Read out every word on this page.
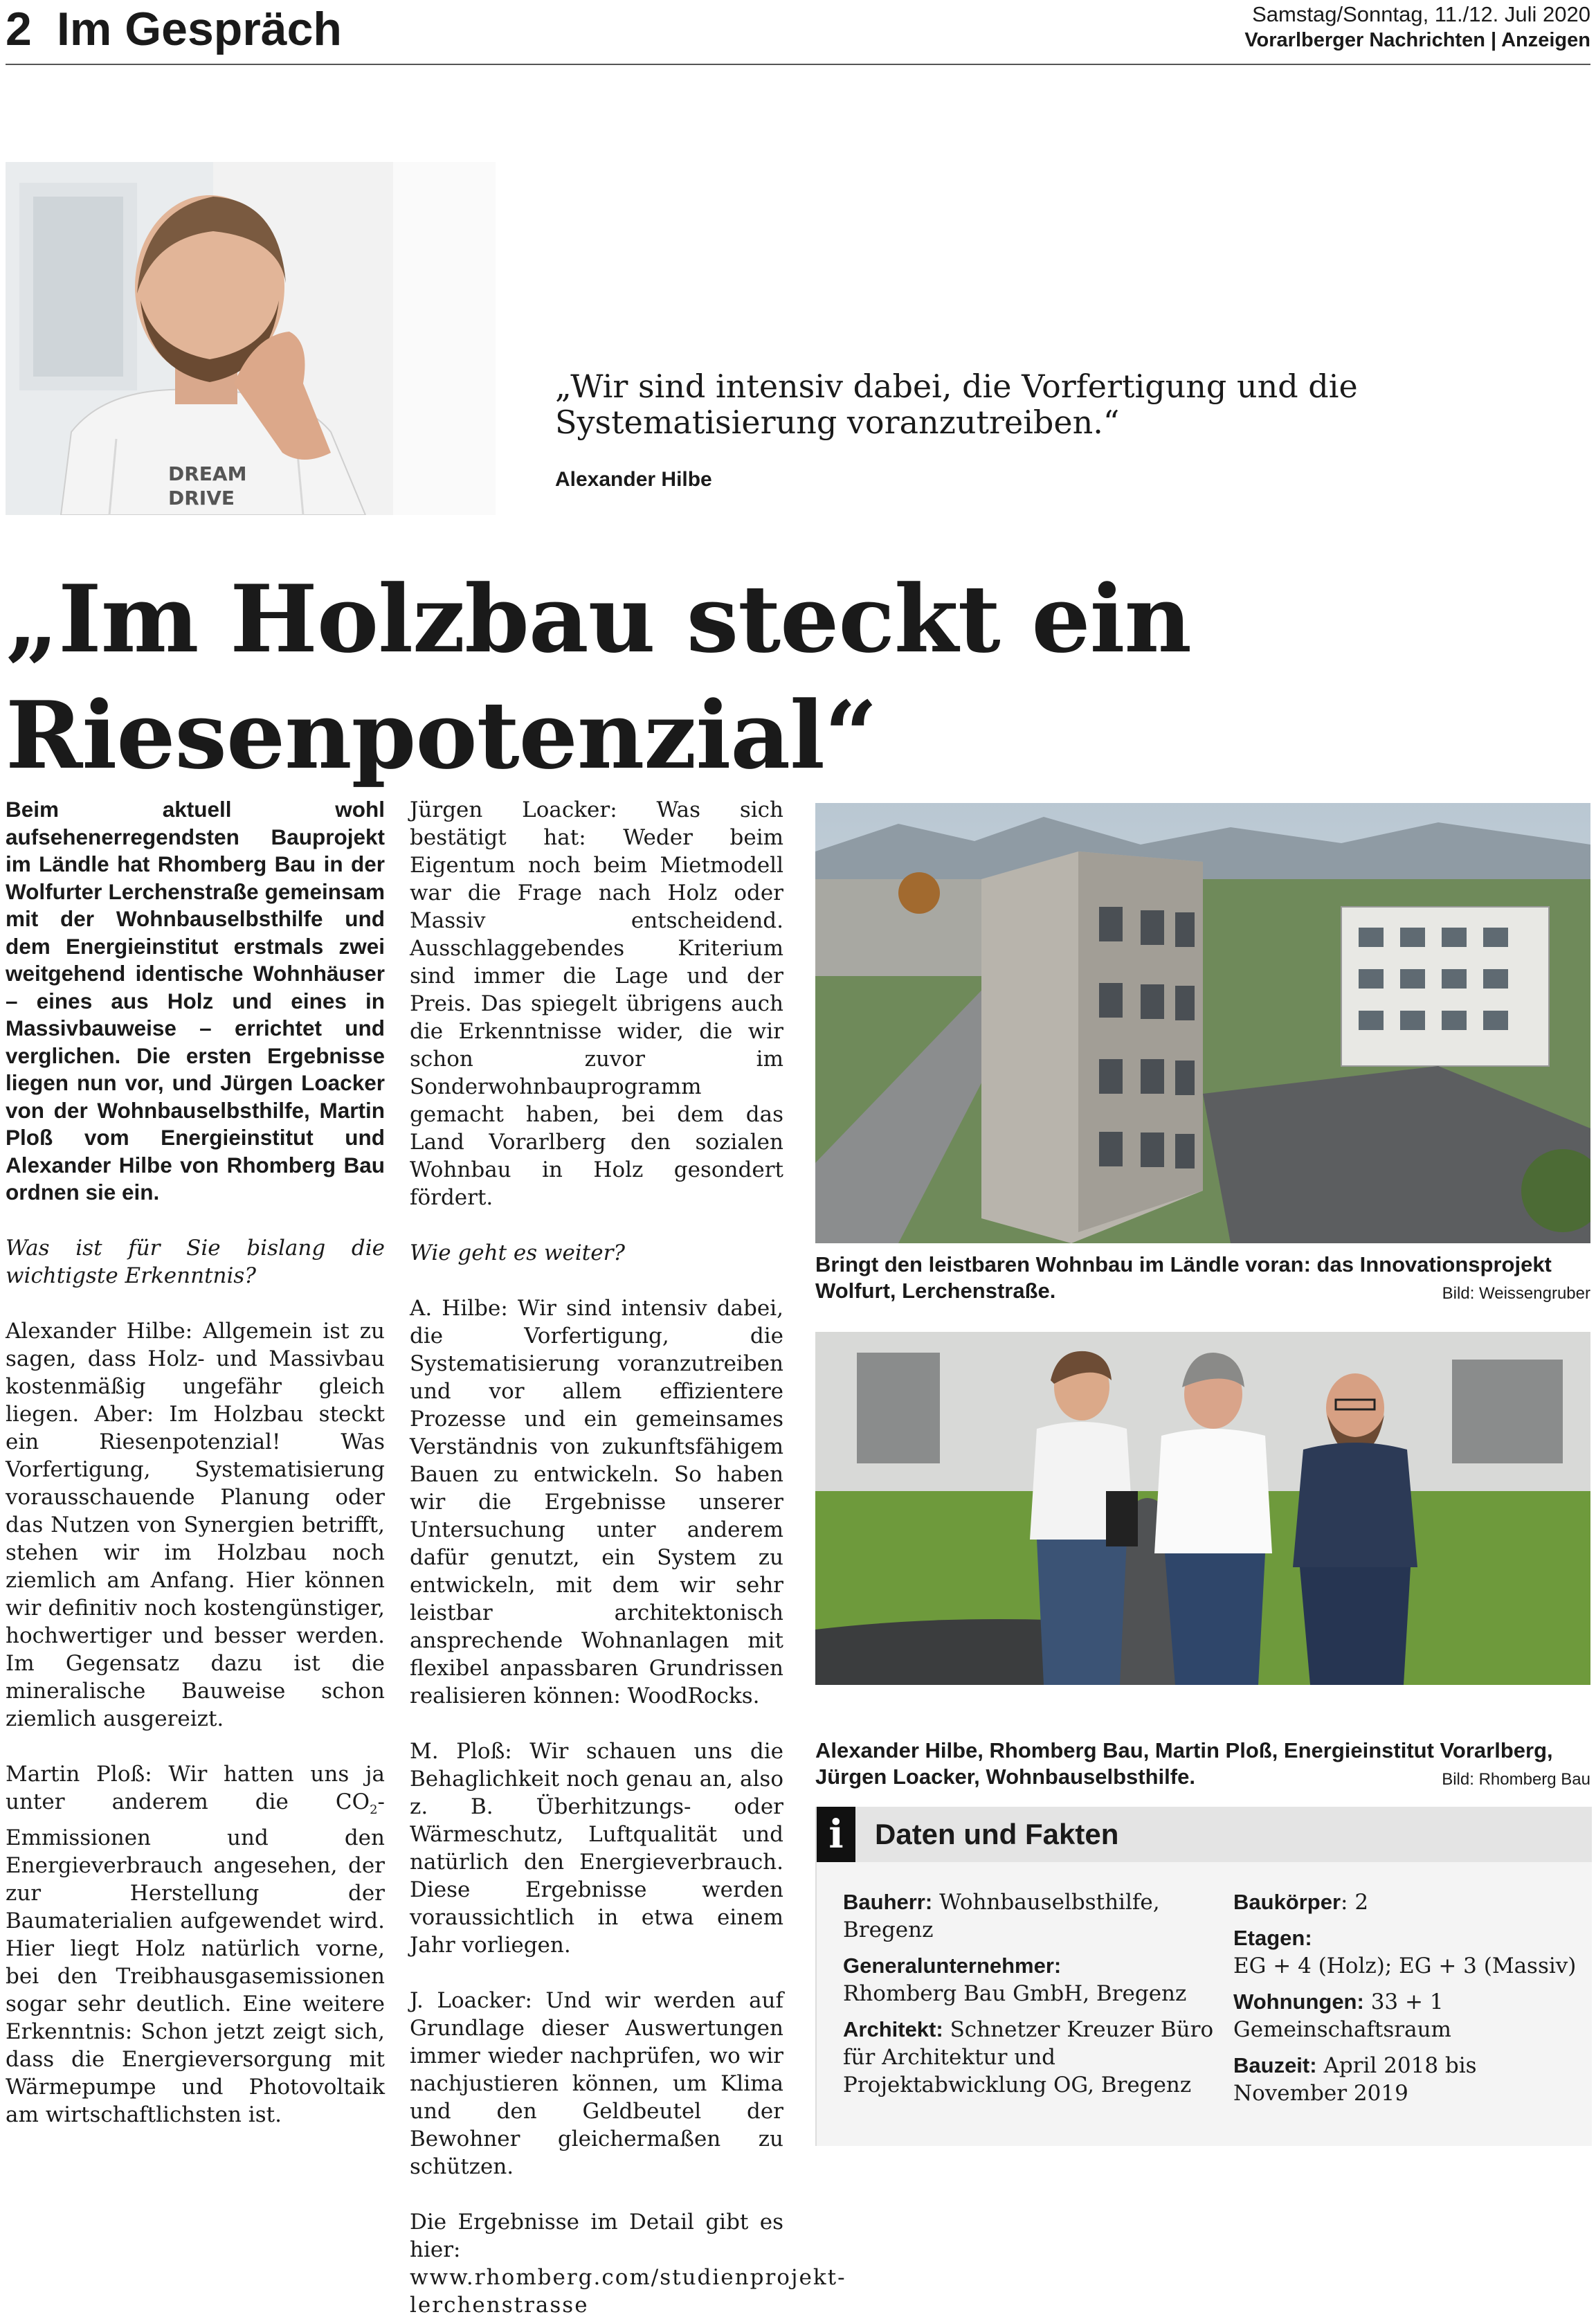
2 Im Gespräch	Samstag/Sonntag, 11./12. Juli 2020
Vorarlberger Nachrichten | Anzeigen
DREAM
DRIVE
„Wir sind intensiv dabei, die Vorfertigung und die Systematisierung voranzutreiben.“
Alexander Hilbe
„Im Holzbau steckt ein Riesenpotenzial“

Beim aktuell wohl aufsehenerregendsten Bauprojekt im Ländle hat Rhomberg Bau in der Wolfurter Lerchenstraße gemeinsam mit der Wohnbauselbsthilfe und dem Energieinstitut erstmals zwei weitgehend identische Wohnhäuser – eines aus Holz und eines in Massivbauweise – errichtet und verglichen. Die ersten Ergebnisse liegen nun vor, und Jürgen Loacker von der Wohnbauselbsthilfe, Martin Ploß vom Energieinstitut und Alexander Hilbe von Rhomberg Bau ordnen sie ein.

Was ist für Sie bislang die wichtigste Erkenntnis?

Alexander Hilbe: Allgemein ist zu sagen, dass Holz- und Massivbau kostenmäßig ungefähr gleich liegen. Aber: Im Holzbau steckt ein Riesenpotenzial! Was Vorfertigung, Systematisierung vorausschauende Planung oder das Nutzen von Synergien betrifft, stehen wir im Holzbau noch ziemlich am Anfang. Hier können wir definitiv noch kostengünstiger, hochwertiger und besser werden. Im Gegensatz dazu ist die mineralische Bauweise schon ziemlich ausgereizt.

Martin Ploß: Wir hatten uns ja unter anderem die $CO_2$-Emmissionen und den Energieverbrauch angesehen, der zur Herstellung der Baumaterialien aufgewendet wird. Hier liegt Holz natürlich vorne, bei den Treibhausgasemissionen sogar sehr deutlich. Eine weitere Erkenntnis: Schon jetzt zeigt sich, dass die Energieversorgung mit Wärmepumpe und Photovoltaik am wirtschaftlichsten ist.

Jürgen Loacker: Was sich bestätigt hat: Weder beim Eigentum noch beim Mietmodell war die Frage nach Holz oder Massiv entscheidend. Ausschlaggebendes Kriterium sind immer die Lage und der Preis. Das spiegelt übrigens auch die Erkenntnisse wider, die wir schon zuvor im Sonderwohnbauprogramm gemacht haben, bei dem das Land Vorarlberg den sozialen Wohnbau in Holz gesondert fördert.

Wie geht es weiter?

A. Hilbe: Wir sind intensiv dabei, die Vorfertigung, die Systematisierung voranzutreiben und vor allem effizientere Prozesse und ein gemeinsames Verständnis von zukunftsfähigem Bauen zu entwickeln. So haben wir die Ergebnisse unserer Untersuchung unter anderem dafür genutzt, ein System zu entwickeln, mit dem wir sehr leistbar architektonisch ansprechende Wohnanlagen mit flexibel anpassbaren Grundrissen realisieren können: WoodRocks.

M. Ploß: Wir schauen uns die Behaglichkeit noch genau an, also z. B. Überhitzungs- oder Wärmeschutz, Luftqualität und natürlich den Energieverbrauch. Diese Ergebnisse werden voraussichtlich in etwa einem Jahr vorliegen.

J. Loacker: Und wir werden auf Grundlage dieser Auswertungen immer wieder nachprüfen, wo wir nachjustieren können, um Klima und den Geldbeutel der Bewohner gleichermaßen zu schützen.

Die Ergebnisse im Detail gibt es hier:
www.rhomberg.com/studienprojekt-lerchenstrasse

Bringt den leistbaren Wohnbau im Ländle voran: das Innovationsprojekt Wolfurt, Lerchenstraße.	Bild: Weissengruber
Alexander Hilbe, Rhomberg Bau, Martin Ploß, Energieinstitut Vorarlberg, Jürgen Loacker, Wohnbauselbsthilfe.	Bild: Rhomberg Bau
i	Daten und Fakten
Bauherr: Wohnbauselbsthilfe, Bregenz
Generalunternehmer:
Rhomberg Bau GmbH, Bregenz
Architekt: Schnetzer Kreuzer Büro für Architektur und Projektabwicklung OG, Bregenz
Baukörper: 2
Etagen:
EG + 4 (Holz); EG + 3 (Massiv)
Wohnungen: 33 + 1 Gemeinschaftsraum
Bauzeit: April 2018 bis November 2019
